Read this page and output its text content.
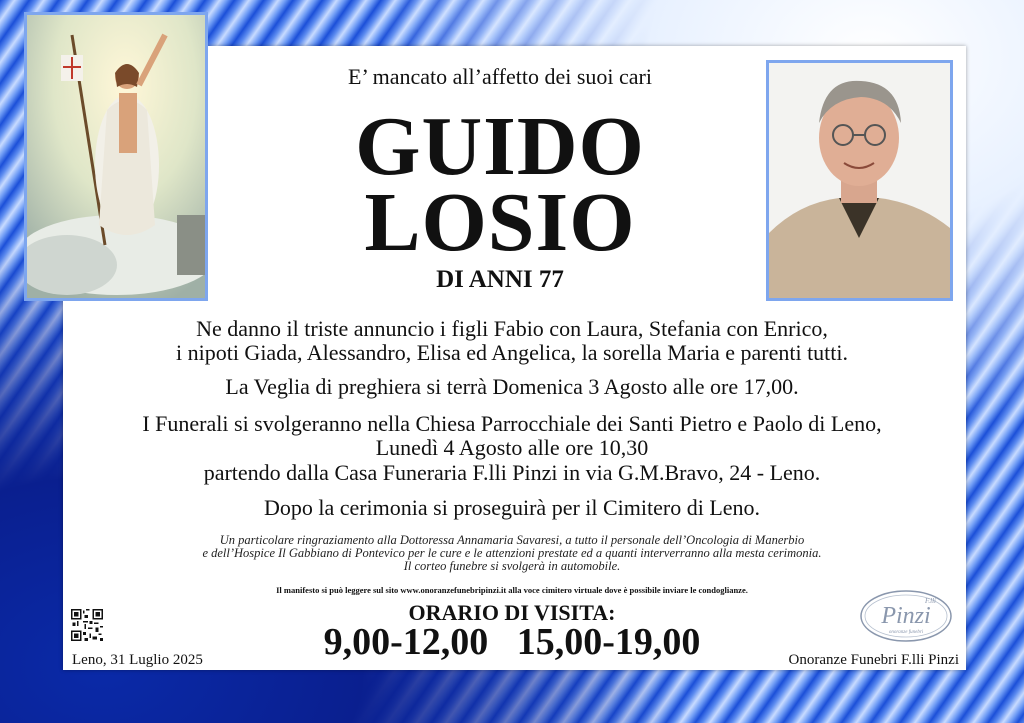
E’ mancato all’affetto dei suoi cari
GUIDO
LOSIO
DI ANNI 77
Ne danno il triste annuncio i figli Fabio con Laura, Stefania con Enrico,
i nipoti Giada, Alessandro, Elisa ed Angelica, la sorella Maria e parenti tutti.
La Veglia di preghiera si terrà Domenica 3 Agosto alle ore 17,00.
I Funerali si svolgeranno nella Chiesa Parrocchiale dei Santi Pietro e Paolo di Leno,
Lunedì 4 Agosto alle ore 10,30
partendo dalla Casa Funeraria F.lli Pinzi in via G.M.Bravo, 24 - Leno.
Dopo la cerimonia si proseguirà per il Cimitero di Leno.
Un particolare ringraziamento alla Dottoressa Annamaria Savaresi, a tutto il personale dell’Oncologia di Manerbio
e dell’Hospice Il Gabbiano di Pontevico per le cure e le attenzioni prestate ed a quanti interverranno alla mesta cerimonia.
Il corteo funebre si svolgerà in automobile.
Il manifesto si può leggere sul sito www.onoranzefunebripinzi.it alla voce cimitero virtuale dove è possibile inviare le condoglianze.
ORARIO DI VISITA:
9,00-12,00   15,00-19,00
Leno, 31 Luglio 2025	Onoranze Funebri F.lli Pinzi
Pinzi
F.lli
onoranze funebri
